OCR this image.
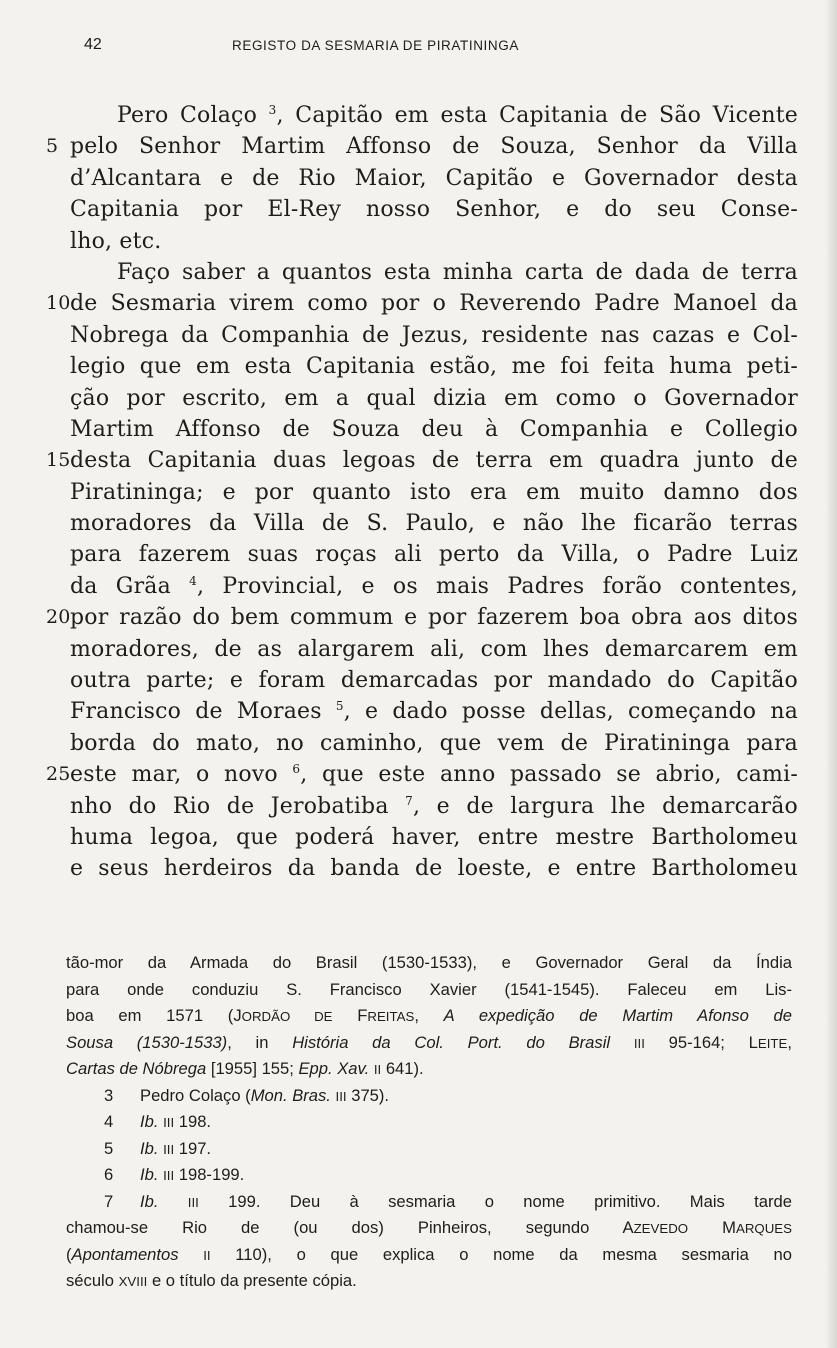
42	REGISTO DA SESMARIA DE PIRATININGA
Pero Colaço $^3$, Capitão em esta Capitania de São Vicente
5 pelo Senhor Martim Affonso de Souza, Senhor da Villa
d’Alcantara e de Rio Maior, Capitão e Governador desta
Capitania por El-Rey nosso Senhor, e do seu Conse-
lho, etc.
Faço saber a quantos esta minha carta de dada de terra
10 de Sesmaria virem como por o Reverendo Padre Manoel da
Nobrega da Companhia de Jezus, residente nas cazas e Col-
legio que em esta Capitania estão, me foi feita huma peti-
ção por escrito, em a qual dizia em como o Governador
Martim Affonso de Souza deu à Companhia e Collegio
15 desta Capitania duas legoas de terra em quadra junto de
Piratininga; e por quanto isto era em muito damno dos
moradores da Villa de S. Paulo, e não lhe ficarão terras
para fazerem suas roças ali perto da Villa, o Padre Luiz
da Grãa $^4$, Provincial, e os mais Padres forão contentes,
20 por razão do bem commum e por fazerem boa obra aos ditos
moradores, de as alargarem ali, com lhes demarcarem em
outra parte; e foram demarcadas por mandado do Capitão
Francisco de Moraes $^5$, e dado posse dellas, começando na
borda do mato, no caminho, que vem de Piratininga para
25 este mar, o novo $^6$, que este anno passado se abrio, cami-
nho do Rio de Jerobatiba $^7$, e de largura lhe demarcarão
huma legoa, que poderá haver, entre mestre Bartholomeu
e seus herdeiros da banda de loeste, e entre Bartholomeu
tão-mor da Armada do Brasil (1530-1533), e Governador Geral da Índia
para onde conduziu S. Francisco Xavier (1541-1545). Faleceu em Lis-
boa em 1571 (JORDÃO DE FREITAS, A expedição de Martim Afonso de
Sousa (1530-1533), in História da Col. Port. do Brasil III 95-164; LEITE,
Cartas de Nóbrega [1955] 155; Epp. Xav. II 641).
3	Pedro Colaço (Mon. Bras. III 375).
4	Ib. III 198.
5	Ib. III 197.
6	Ib. III 198-199.
7	Ib. III 199. Deu à sesmaria o nome primitivo. Mais tarde
chamou-se Rio de (ou dos) Pinheiros, segundo AZEVEDO MARQUES
(Apontamentos II 110), o que explica o nome da mesma sesmaria no
século XVIII e o título da presente cópia.
